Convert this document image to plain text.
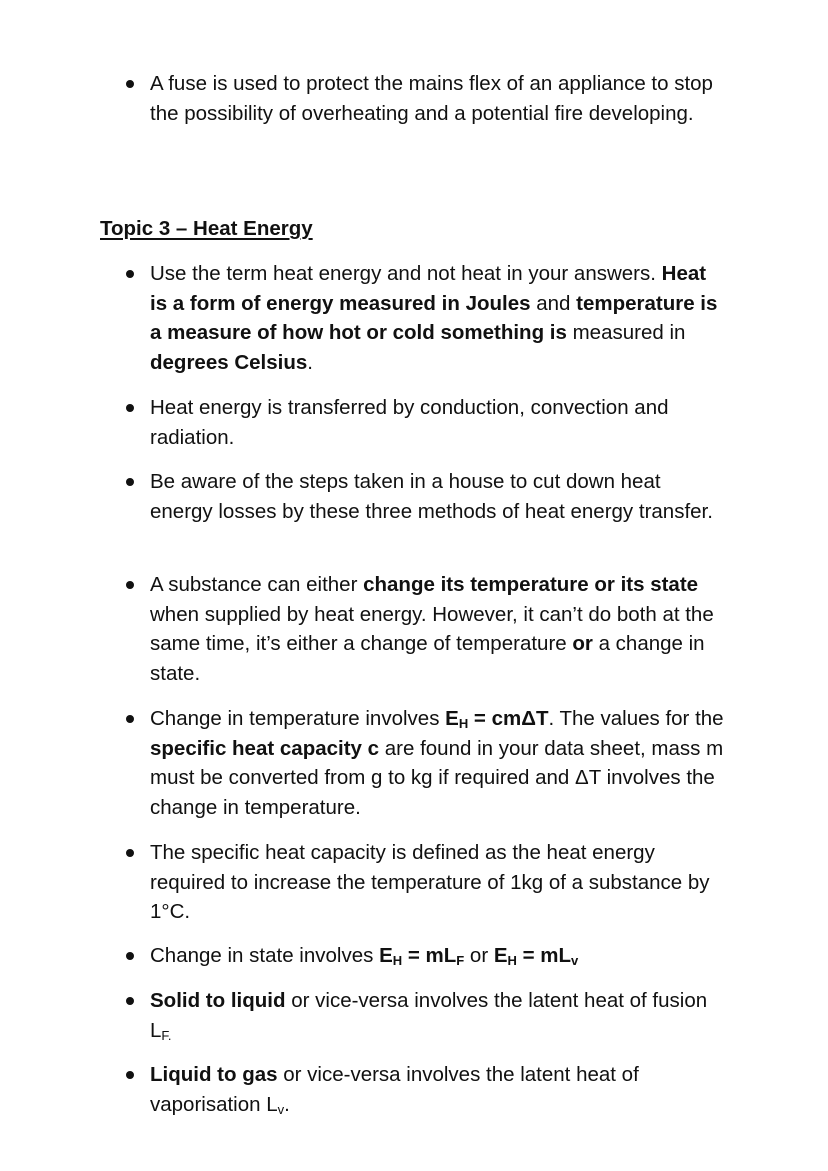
A fuse is used to protect the mains flex of an appliance to stop the possibility of overheating and a potential fire developing.
Topic 3 – Heat Energy
Use the term heat energy and not heat in your answers. Heat is a form of energy measured in Joules and temperature is a measure of how hot or cold something is measured in degrees Celsius.
Heat energy is transferred by conduction, convection and radiation.
Be aware of the steps taken in a house to cut down heat energy losses by these three methods of heat energy transfer.
A substance can either change its temperature or its state when supplied by heat energy. However, it can’t do both at the same time, it’s either a change of temperature or a change in state.
Change in temperature involves $E_H = cm\Delta T$. The values for the specific heat capacity c are found in your data sheet, mass m must be converted from g to kg if required and ΔT involves the change in temperature.
The specific heat capacity is defined as the heat energy required to increase the temperature of 1kg of a substance by 1°C.
Change in state involves $E_H = mL_F$ or $E_H = mL_v$
Solid to liquid or vice-versa involves the latent heat of fusion $L_{F.}$
Liquid to gas or vice-versa involves the latent heat of vaporisation $L_v$.
